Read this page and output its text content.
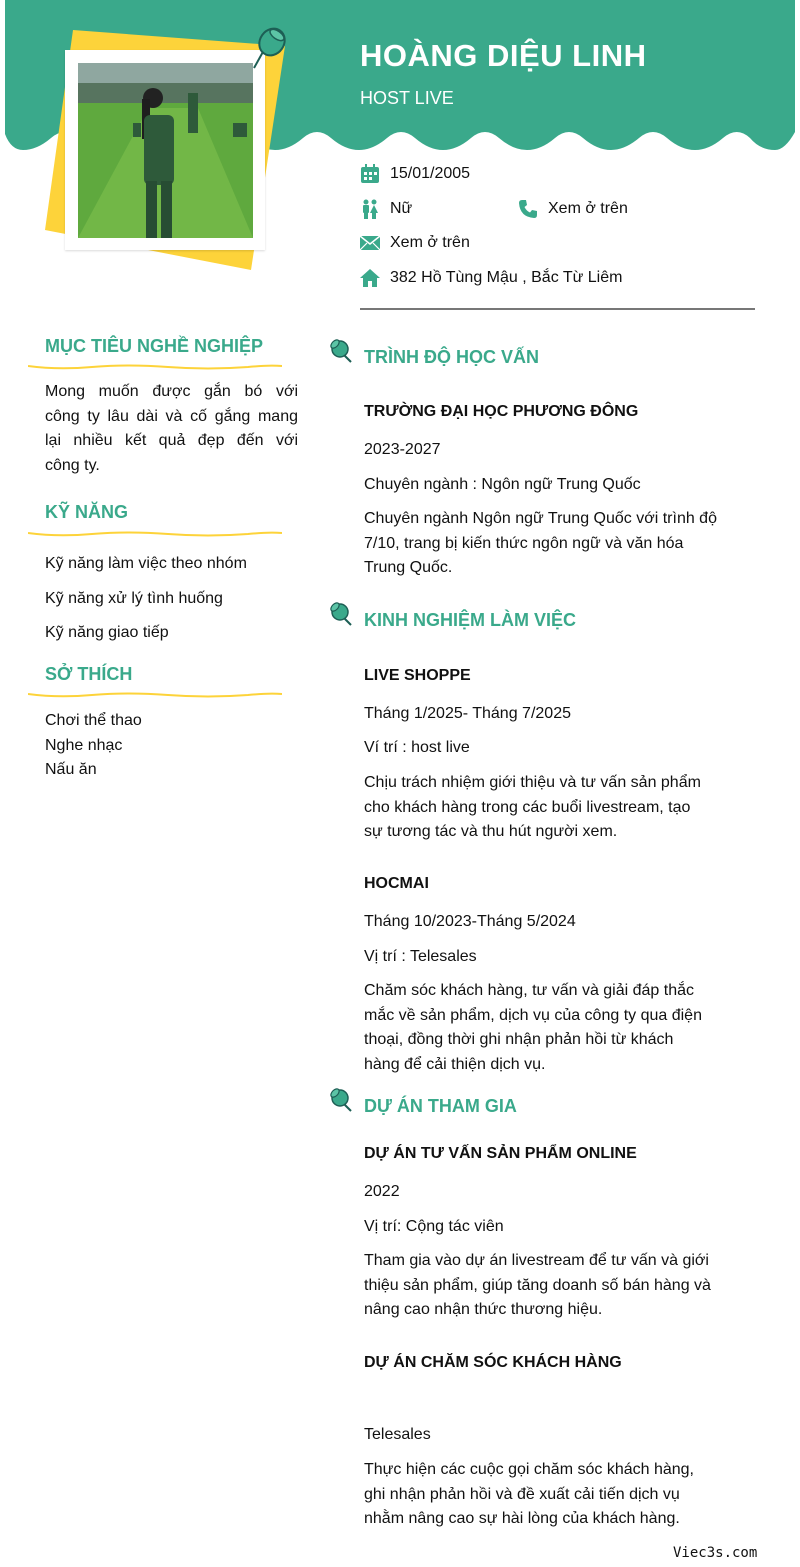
HOÀNG DIỆU LINH
HOST LIVE
15/01/2005
Nữ	Xem ở trên
Xem ở trên
382 Hồ Tùng Mậu , Bắc Từ Liêm
MỤC TIÊU NGHỀ NGHIỆP
Mong muốn được gắn bó với
công ty lâu dài và cố gắng mang
lại nhiều kết quả đẹp đến với
công ty.
KỸ NĂNG
Kỹ năng làm việc theo nhóm
Kỹ năng xử lý tình huống
Kỹ năng giao tiếp
SỞ THÍCH
Chơi thể thao
Nghe nhạc
Nấu ăn
TRÌNH ĐỘ HỌC VẤN
TRƯỜNG ĐẠI HỌC PHƯƠNG ĐÔNG
2023-2027
Chuyên ngành : Ngôn ngữ Trung Quốc
Chuyên ngành Ngôn ngữ Trung Quốc với trình độ
7/10, trang bị kiến thức ngôn ngữ và văn hóa
Trung Quốc.
KINH NGHIỆM LÀM VIỆC
LIVE SHOPPE
Tháng 1/2025- Tháng 7/2025
Ví trí : host live
Chịu trách nhiệm giới thiệu và tư vấn sản phẩm
cho khách hàng trong các buổi livestream, tạo
sự tương tác và thu hút người xem.
HOCMAI
Tháng 10/2023-Tháng 5/2024
Vị trí : Telesales
Chăm sóc khách hàng, tư vấn và giải đáp thắc
mắc về sản phẩm, dịch vụ của công ty qua điện
thoại, đồng thời ghi nhận phản hồi từ khách
hàng để cải thiện dịch vụ.
DỰ ÁN THAM GIA
DỰ ÁN TƯ VẤN SẢN PHẨM ONLINE
2022
Vị trí: Cộng tác viên
Tham gia vào dự án livestream để tư vấn và giới
thiệu sản phẩm, giúp tăng doanh số bán hàng và
nâng cao nhận thức thương hiệu.
DỰ ÁN CHĂM SÓC KHÁCH HÀNG
Telesales
Thực hiện các cuộc gọi chăm sóc khách hàng,
ghi nhận phản hồi và đề xuất cải tiến dịch vụ
nhằm nâng cao sự hài lòng của khách hàng.
Viec3s.com
